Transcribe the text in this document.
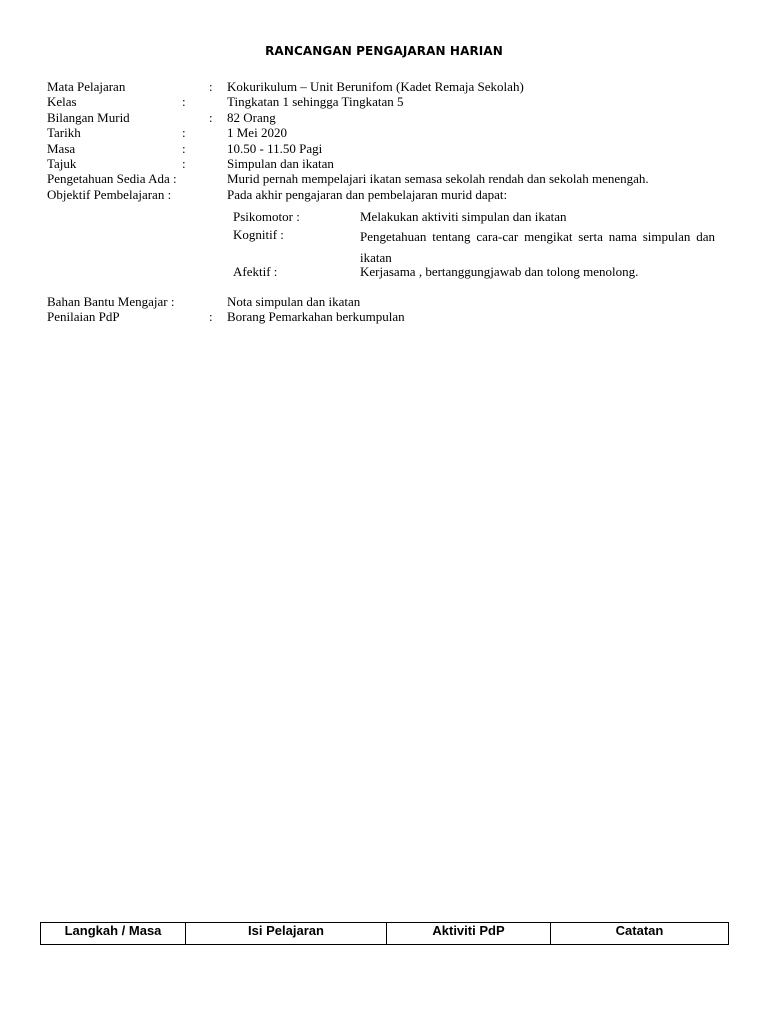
RANCANGAN PENGAJARAN HARIAN
Mata Pelajaran	: Kokurikulum – Unit Berunifom (Kadet Remaja Sekolah)
Kelas	:	Tingkatan 1 sehingga Tingkatan 5
Bilangan Murid	: 82 Orang
Tarikh	:	1 Mei 2020
Masa	:	10.50 - 11.50 Pagi
Tajuk	:	Simpulan dan ikatan
Pengetahuan Sedia Ada :	Murid pernah mempelajari ikatan semasa sekolah rendah dan sekolah menengah.
Objektif Pembelajaran :	Pada akhir pengajaran dan pembelajaran murid dapat:
Psikomotor :	Melakukan aktiviti simpulan dan ikatan
Kognitif :	Pengetahuan tentang cara-car mengikat serta nama simpulan dan ikatan
Afektif :	Kerjasama , bertanggungjawab dan tolong menolong.
Bahan Bantu Mengajar :	Nota simpulan dan ikatan
Penilaian PdP	: Borang Pemarkahan berkumpulan
Langkah / Masa	Isi Pelajaran	Aktiviti PdP	Catatan
